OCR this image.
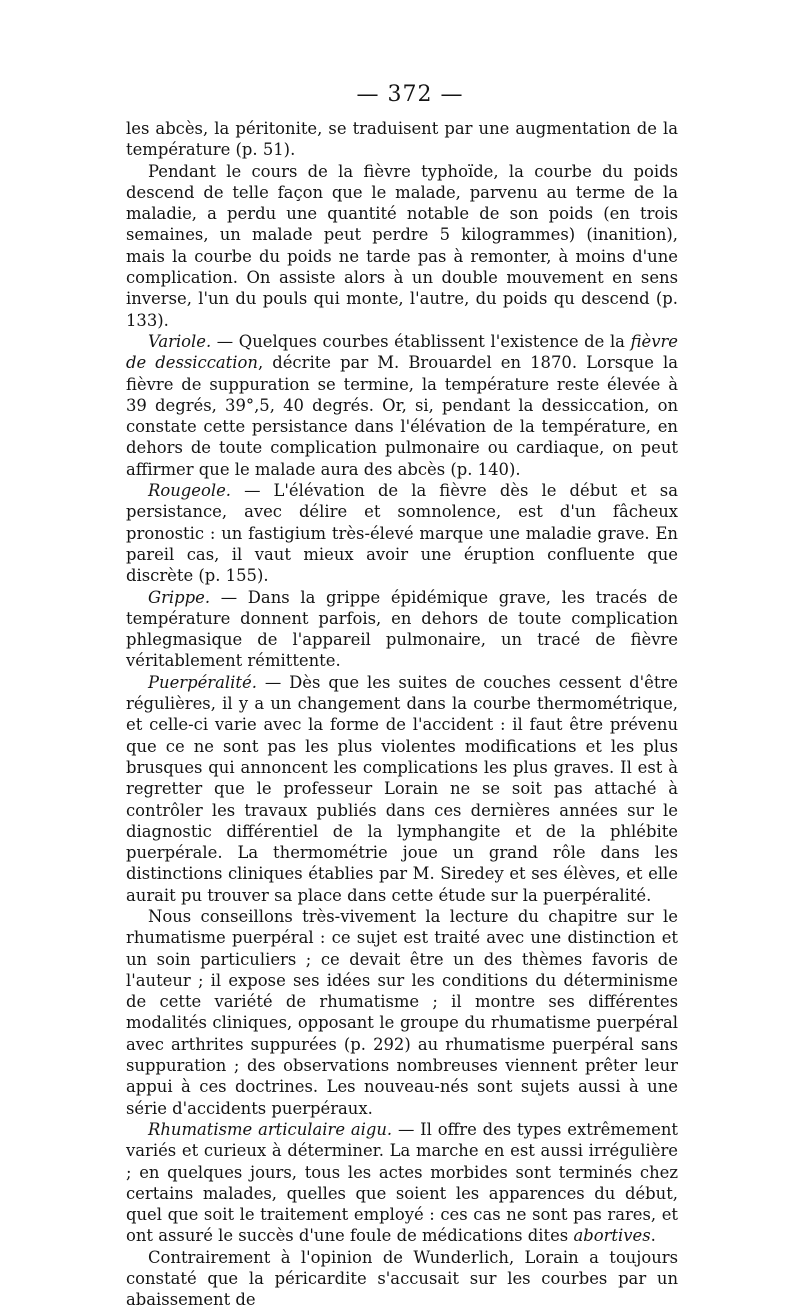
— 372 —

les abcès, la péritonite, se traduisent par une augmentation de la température (p. 51).

Pendant le cours de la fièvre typhoïde, la courbe du poids descend de telle façon que le malade, parvenu au terme de la maladie, a perdu une quantité notable de son poids (en trois semaines, un malade peut perdre 5 kilogrammes) (inanition), mais la courbe du poids ne tarde pas à remonter, à moins d'une complication. On assiste alors à un double mouvement en sens inverse, l'un du pouls qui monte, l'autre, du poids qu descend (p. 133).

Variole. — Quelques courbes établissent l'existence de la fièvre de dessiccation, décrite par M. Brouardel en 1870. Lorsque la fièvre de suppuration se termine, la température reste élevée à 39 degrés, 39°,5, 40 degrés. Or, si, pendant la dessiccation, on constate cette persistance dans l'élévation de la température, en dehors de toute complication pulmonaire ou cardiaque, on peut affirmer que le malade aura des abcès (p. 140).

Rougeole. — L'élévation de la fièvre dès le début et sa persistance, avec délire et somnolence, est d'un fâcheux pronostic : un fastigium très-élevé marque une maladie grave. En pareil cas, il vaut mieux avoir une éruption confluente que discrète (p. 155).

Grippe. — Dans la grippe épidémique grave, les tracés de température donnent parfois, en dehors de toute complication phlegmasique de l'appareil pulmonaire, un tracé de fièvre véritablement rémittente.

Puerpéralité. — Dès que les suites de couches cessent d'être régulières, il y a un changement dans la courbe thermométrique, et celle-ci varie avec la forme de l'accident : il faut être prévenu que ce ne sont pas les plus violentes modifications et les plus brusques qui annoncent les complications les plus graves. Il est à regretter que le professeur Lorain ne se soit pas attaché à contrôler les travaux publiés dans ces dernières années sur le diagnostic différentiel de la lymphangite et de la phlébite puerpérale. La thermométrie joue un grand rôle dans les distinctions cliniques établies par M. Siredey et ses élèves, et elle aurait pu trouver sa place dans cette étude sur la puerpéralité.

Nous conseillons très-vivement la lecture du chapitre sur le rhumatisme puerpéral : ce sujet est traité avec une distinction et un soin particuliers ; ce devait être un des thèmes favoris de l'auteur ; il expose ses idées sur les conditions du déterminisme de cette variété de rhumatisme ; il montre ses différentes modalités cliniques, opposant le groupe du rhumatisme puerpéral avec arthrites suppurées (p. 292) au rhumatisme puerpéral sans suppuration ; des observations nombreuses viennent prêter leur appui à ces doctrines. Les nouveau-nés sont sujets aussi à une série d'accidents puerpéraux.

Rhumatisme articulaire aigu. — Il offre des types extrêmement variés et curieux à déterminer. La marche en est aussi irrégulière ; en quelques jours, tous les actes morbides sont terminés chez certains malades, quelles que soient les apparences du début, quel que soit le traitement employé : ces cas ne sont pas rares, et ont assuré le succès d'une foule de médications dites abortives.

Contrairement à l'opinion de Wunderlich, Lorain a toujours constaté que la péricardite s'accusait sur les courbes par un abaissement de
